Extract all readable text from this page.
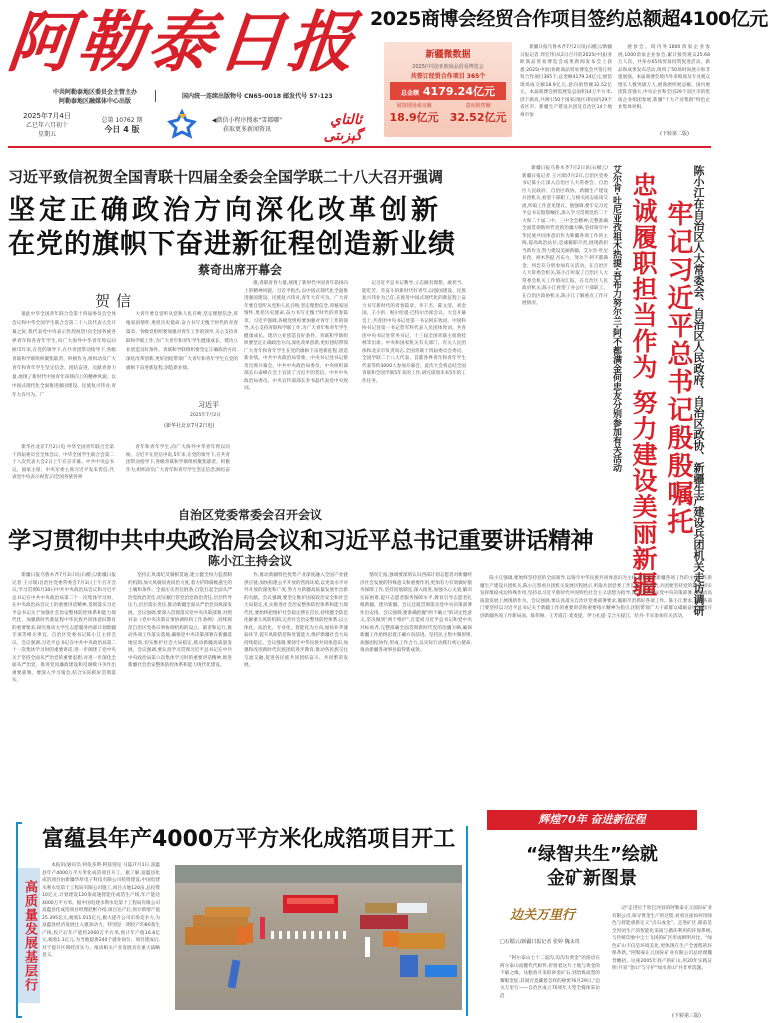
阿勒泰日报
中共阿勒泰地区委员会主管主办
阿勒泰地区融媒体中心出版
国内统一连续出版物号 CN65-0018 邮发代号 57-123
2025年7月4日
乙巳年六月初十
星期五
总第 10762 期
今日 4 版
◀微信小程序搜索"雪都嘟"
获取更多新闻资讯
ئالتاي گېزىتى
2025商博会经贸合作项目签约总额超4100亿元
新疆微数据
2025(中国)亚欧商品贸易博览会
共签订经贸合作项目 365个
总金额 4179.24亿元
展馆现场成交额
18.9亿元
意向销售额
32.52亿元

新疆日报乌鲁木齐7月2日讯(石榴云/新疆日报记者 周宏伟)从2日召开的2025(中国)亚欧商品贸易博览会成果新闻发布会上获悉:2025(中国)亚欧商品贸易博览会共签订经贸合作项目365个,总金额4179.24亿元;展馆现场成交额18.9亿元,意向销售额32.52亿元。本届商博会展馆展览总面积14万平方米,创下新高,共吸引50个国家(地区)和国内29个省区市、新疆生产建设兵团及自治区14个地州市参

展参会。境内外1800余家企业参展,1000余家企业参会,累计接待观众25.68万人次。共举办65场贸易投资促进活动、新品和成果发布活动,组织了50场时尚展示和非遗展演。本届商博会境内外采购商及专业观众增长人数突破万人,展商展所展总额、国内展团阵容强大,中央企业和全国29个省区市的优质企业组团参展,新疆"十大产业集群"特色企业集体亮相。

(下转第二版)
习近平致信祝贺全国青联十四届全委会全国学联二十八大召开强调
坚定正确政治方向深化改革创新
在党的旗帜下奋进新征程创造新业绩
蔡奇出席开幕会
贺信

值此中华全国青年联合会第十四届委员会全体会议和中华全国学生联合会第二十八次代表大会开幕之际,我代表党中央表示热烈祝贺!向全国各族各界青年和各青年学生,向广大海外中华青年致以问候!5年来,在党的领导下,在共青团带动指导下,各级青联和学联组织聚焦职责、积极作为,组织动员广大青年和青年学生坚定信念、团结奋进、贡献青春力量,展现了新时代中国青年昂扬向上的精神风貌。以中国式现代化全面推进强国建设、民族复兴伟业,青年大有可为。广

大青年要自觉听从党和人民召唤,坚定理想信念,厚植家国情怀,勇担历史使命,奋力书写无愧于时代的青春篇章。各级党组织要加强对青年工作的领导,关心支持青联和学联工作,为广大青年和青年学生健康成长、建功立业创造良好条件。青联和学联组织要坚定正确政治方向,深化改革创新,更好团结带领广大青年和青年学生在党的旗帜下奋进新征程,创造新业绩。

习近平
2025年7月2日
(新华社北京7月2日电)

新华社北京7月2日电 中华全国青年联合会第十四届委员会全体会议、中华全国学生联合会第二十八次代表大会2日上午在京开幕。中共中央总书记、国家主席、中央军委主席习近平发来贺信,代表党中央表示祝贺,向全国各族各界

青年和青年学生,向广大海外中华青年致以问候。习近平在贺信中说,5年来,在党的领导下,在共青团带动指导下,各级青联和学联组织聚焦职责、积极作为,组织动员广大青年和青年学生坚定信念,踔厉奋

歌,青联青春力量,展现了新时代中国青年昂扬向上的精神风貌。习近平指出,以中国式现代化全面推进强国建设、民族复兴伟业,青年大有可为。广大青年要自觉听从党和人民召唤,坚定理想信念,厚植家国情怀,勇担历史使命,奋力书写无愧于时代的青春篇章。习近平强调,各级党组织要加强对青年工作的领导,关心支持青联和学联工作,为广大青年和青年学生健康成长、建功立业创造良好条件。青联和学联组织要坚定正确政治方向,深化改革创新,更好团结带领广大青年和青年学生在党的旗帜下奋进新征程,创造新业绩。中共中央政治局常委、中央书记处书记蔡奇出席开幕会。中共中央政治局委员、中央组织部部长石泰峰在会上宣读了习近平的贺信。中共中央政治局委员、中央宣传部部长李书磊代表党中央致词。

记习近平总书记教导,立志做有理想、敢担当、能吃苦、肯奋斗的新时代好青年,以强国建设、民族复兴伟业为己任,在推进中国式现代化的新征程上奋力书写新时代的青春篇章。李干杰、陈文清、刘金国、王小洪、帕尔哈提·巴特尔出席会议。大会开幕会上,共青团中央书记处第一书记阿东致词。中国科协书记处第一书记贺军科代表人民团体致词。共青团中央书记处常务书记、十三届全国青联主席俞桂林等出席。中央和国家机关有关部门、有关人民团体和北京市负责同志,全国青联十四届委员会委员、全国学联二十八大代表、首都各界青年和青年学生代表等约3000人参加开幕会。此次大会将总结全国青联和全国学联5年来的工作,研究谋划未来5年的工作任务。

新疆日报乌鲁木齐7月2日讯(石榴云/新疆日报记者 王兴瑞)7月2日,自治区党委书记陈小江深入自治区人大常委会、自治区人民政府、自治区政协、新疆生产建设兵团机关,看望干部职工,与相关同志座谈交流,听取工作意见建议。他强调,要牢记习近平总书记殷殷嘱托,深入学习贯彻党的二十大和二十届二中、三中全会精神,完整准确全面贯彻新时代党的治疆方略,坚持铸牢中华民族共同体意识作为新疆各项工作的主线,提高政治站位,忠诚履职尽责,展现新担当新作为,努力建设美丽新疆。艾尔肯·吐尼亚孜、祖木热提·吾布力、努尔兰·阿不都满金、何忠友分别参加有关活动。在自治区人大常委会机关,陈小江听取了自治区人大常委会机关工作情况汇报。在自治区人民政府机关,陈小江看望了办公厅干部职工。在自治区政协机关,陈小江了解重点工作开展情况。	陈小江在自治区人大常委会、自治区人民政府、自治区政协、新疆生产建设兵团机关走访调研
牢记习近平总书记殷殷嘱托
忠诚履职担当作为 努力建设美丽新疆
艾尔肯·吐尼亚孜祖木热提·吾布力努尔兰·阿不都满金何忠友分别参加有关活动

陈小江强调,要始终坚持党的全面领导,以铸牢中华民族共同体意识为主线,持续推动新疆各项工作的主线。在新疆生产建设兵团机关,陈小江察看兵团机关发展历程展示,听取兵团党委工作汇报。他指出,兵团要坚持党的领导,切实发挥维稳戍边特殊作用,坚持以习近平新时代中国特色社会主义思想为指导,深入贯彻落实党中央决策部署,在推动高质量发展上展现新作为。会议强调,要认真落实自治区党委部署要求,履职尽责抓好各项工作。陈小江要求,各级各部门要坚持以习近平总书记关于新疆工作的重要讲话和重要指示精神为指引,团结带领广大干部群众砥砺奋进,持续开创新疆各项工作新局面。陈伟俊、王芳霞江·麦麦提、伊力扎提·艾合买提江、哈丹·卡宾参加有关活动。

自治区党委常委会召开会议
学习贯彻中共中央政治局会议和习近平总书记重要讲话精神
陈小江主持会议

新疆日报乌鲁木齐7月3日讯(石榴云/新疆日报记者 王兴瑞)自治区党委常委会7月3日上午召开会议,学习贯彻6月30日中共中央政治局会议和习近平总书记在中共中央政治局第二十一次集体学习时、在中央政治局会议上的重要讲话精神,贯彻落实习近平总书记关于加强社会治安整体防控体系和能力现代化、加强新时代新征程中华民族共同体意识教育的重要要求,研究推动大学生志愿服务西部计划新疆专项等相关事宜。自治区党委书记陈小江主持会议。会议强调,习近平总书记在中共中央政治局第二十一次集体学习时的重要讲话,进一步阐述了党中央关于坚持全面从严治党的重要思想,对进一步深化全面从严治党、推进党风廉政建设和反腐败斗争作出重要部署。要深入学习领会,结合实际抓好贯彻落实。

坚持正风肃纪反腐相贯通,建立健全权力监督制约机制,加大风腐同查同治力度,着力铲除腐败滋生的土壤和条件。全面压实责任链条,自觉扛起全面从严治党政治责任,切实履行管党治党政治责任,层层传导压力,层层落实责任,推动新疆全面从严治党向纵深发展。会议强调,要深入贯彻落实党中央决策部署,对照对表《党中央决策议事协调机构工作条例》,持续规范自治区党委议事协调机构的设立、职责和运行,推动各项工作落实落地,确保党中央决策部署在新疆落地见效,切实维护社会大局稳定,推动新疆高质量发展。会议强调,要认真学习贯彻习近平总书记在中共中央政治局第六次集体学习时的重要讲话精神,推进新疆社会治安整体防控体系和能力现代化建设。

作,推动新疆特色优势产业深度融入全国产业链供应链,加快构建公平开放的营商环境,以更高水平对外开放的深度和广度,努力为新疆高质量发展作出新的贡献。会议强调,要坚定维护国家政治安全和社会大局稳定,扎实推进社会治安整体防控体系和能力现代化,要始终把维护社会稳定摆在首位,持续健全防范化解重大风险机制,完善社会治安整体防控体系,以立体化、法治化、专业化、智能化为方向,加快补齐薄弱环节,提升风险防范和处置能力,维护新疆社会大局持续稳定。会议强调,要铸牢中华民族共同体意识,加强和改进新时代民族团结进步教育,推动各民族交往交流交融,促进各民族共同团结奋斗、共同繁荣发展。

情况汇报,强调要深刻认识西部计划志愿者对新疆经济社会发展的特殊意义和重要作用,更加有力有效做好服务保障工作,坚持因地制宜,深入推进,加强关心关爱,解决实际困难,提升志愿者服务保障水平,教育引导志愿者扎根新疆、建功新疆。会议还就贯彻落实党中央决策部署作出安排。会议强调,要准确把握"两个确立"的决定性意义,坚决做到"两个维护",自觉同习近平总书记和党中央对标看齐,完整准确全面贯彻新时代党的治疆方略,确保新疆工作始终沿着正确方向前进。坚持民主集中制原则,加强团结协作,形成工作合力,以实际行动践行初心使命,推动新疆各项事业取得新成效。

高质量发展基层行
富蕴县年产4000万平方米化成箔项目开工

本报讯(通讯员 阿依多斯·阿依别克 马磊)7月1日,富蕴县年产4000万平方米化成箔项目开工。据了解,富蕴县化成箔项目由新疆华厚电子科技有限公司投资建设,中国电建水利水电第十工程局有限公司施工,项目占地120亩,总投资10亿元,计划建设120条高速智能化成箔生产线,年产能达4000万平方米。据中国电建水利水电第十工程局有限公司富蕴县化成箔项目经理赵彬介绍,项目达产后,预计新增产值25.395亿元,税收1.015亿元,极大提升公司市场竞争力,为富蕴县经济发展注入强劲动力。特别是一期投产的80条生产线,投产后年产能约2060万平方米,预计年产值16.8亿元,税收1.1亿元,为当地提供240个就业岗位。项目建成后,对于提升区域经济实力、推动相关产业发展具有重大战略意义。

辉煌70年 奋进新征程
“绿智共生”绘就
金矿新图景
边关万里行
□石榴云/新疆日报记者 张婷 魏永贵

“阿尔泰山七十二道沟,沟沟有黄金”的俗语在阿尔泰山南麓代代相传,折射着这片土地与黄金的不解之缘。从粗放开采的砂金矿石,到冶炼成型的耀眼金锭,其间究竟藏着怎样的秘密?6月29日,“边关万里行——自治区成立70周年大型全媒体采访活

动”走进位于哈巴河县的阿勒泰正元国际矿业有限公司,探寻黄金生产的过程,看看这座如何用绿色与智能重新定义“点石成金”。走进矿区,眼前是全封闭生产的智能化采间与循环利用的环保系统,与传统印象中尘土飞扬的矿区形成鲜明对比。“绿色矿山不仅是环境美化,更体现在生产全流程的环保革新。”阿勒泰正元国际矿业有限公司总经理魏晋概括。这座2005年投产的矿山,用20年实践证明:开采“金山”与守护“绿水青山”并非单选题。

(下转第三版)
